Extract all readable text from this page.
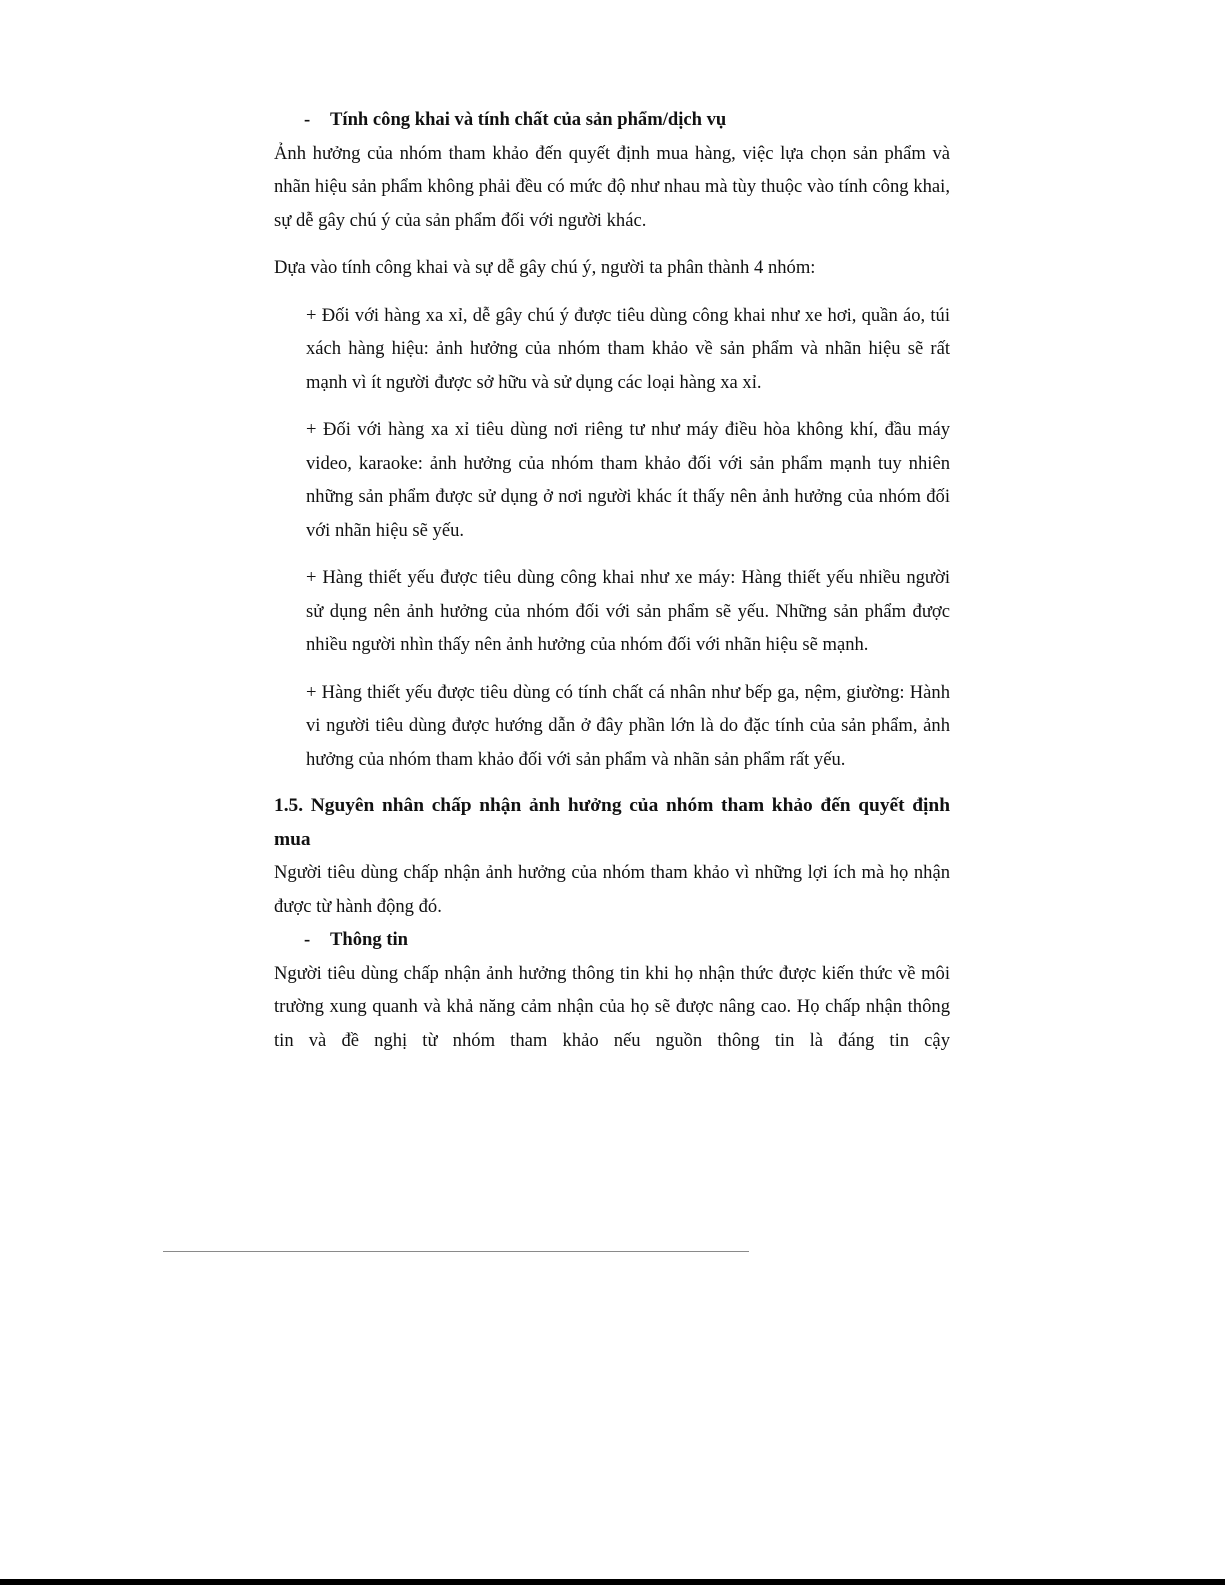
- Tính công khai và tính chất của sản phẩm/dịch vụ

Ảnh hưởng của nhóm tham khảo đến quyết định mua hàng, việc lựa chọn sản phẩm và nhãn hiệu sản phẩm không phải đều có mức độ như nhau mà tùy thuộc vào tính công khai, sự dễ gây chú ý của sản phẩm đối với người khác.

Dựa vào tính công khai và sự dễ gây chú ý, người ta phân thành 4 nhóm:

+ Đối với hàng xa xỉ, dễ gây chú ý được tiêu dùng công khai như xe hơi, quần áo, túi xách hàng hiệu: ảnh hưởng của nhóm tham khảo về sản phẩm và nhãn hiệu sẽ rất mạnh vì ít người được sở hữu và sử dụng các loại hàng xa xỉ.

+ Đối với hàng xa xỉ tiêu dùng nơi riêng tư như máy điều hòa không khí, đầu máy video, karaoke: ảnh hưởng của nhóm tham khảo đối với sản phẩm mạnh tuy nhiên những sản phẩm được sử dụng ở nơi người khác ít thấy nên ảnh hưởng của nhóm đối với nhãn hiệu sẽ yếu.

+ Hàng thiết yếu được tiêu dùng công khai như xe máy: Hàng thiết yếu nhiều người sử dụng nên ảnh hưởng của nhóm đối với sản phẩm sẽ yếu. Những sản phẩm được nhiều người nhìn thấy nên ảnh hưởng của nhóm đối với nhãn hiệu sẽ mạnh.

+ Hàng thiết yếu được tiêu dùng có tính chất cá nhân như bếp ga, nệm, giường: Hành vi người tiêu dùng được hướng dẫn ở đây phần lớn là do đặc tính của sản phẩm, ảnh hưởng của nhóm tham khảo đối với sản phẩm và nhãn sản phẩm rất yếu.

1.5. Nguyên nhân chấp nhận ảnh hưởng của nhóm tham khảo đến quyết định mua

Người tiêu dùng chấp nhận ảnh hưởng của nhóm tham khảo vì những lợi ích mà họ nhận được từ hành động đó.

- Thông tin

Người tiêu dùng chấp nhận ảnh hưởng thông tin khi họ nhận thức được kiến thức về môi trường xung quanh và khả năng cảm nhận của họ sẽ được nâng cao. Họ chấp nhận thông tin và đề nghị từ nhóm tham khảo nếu nguồn thông tin là đáng tin cậy
